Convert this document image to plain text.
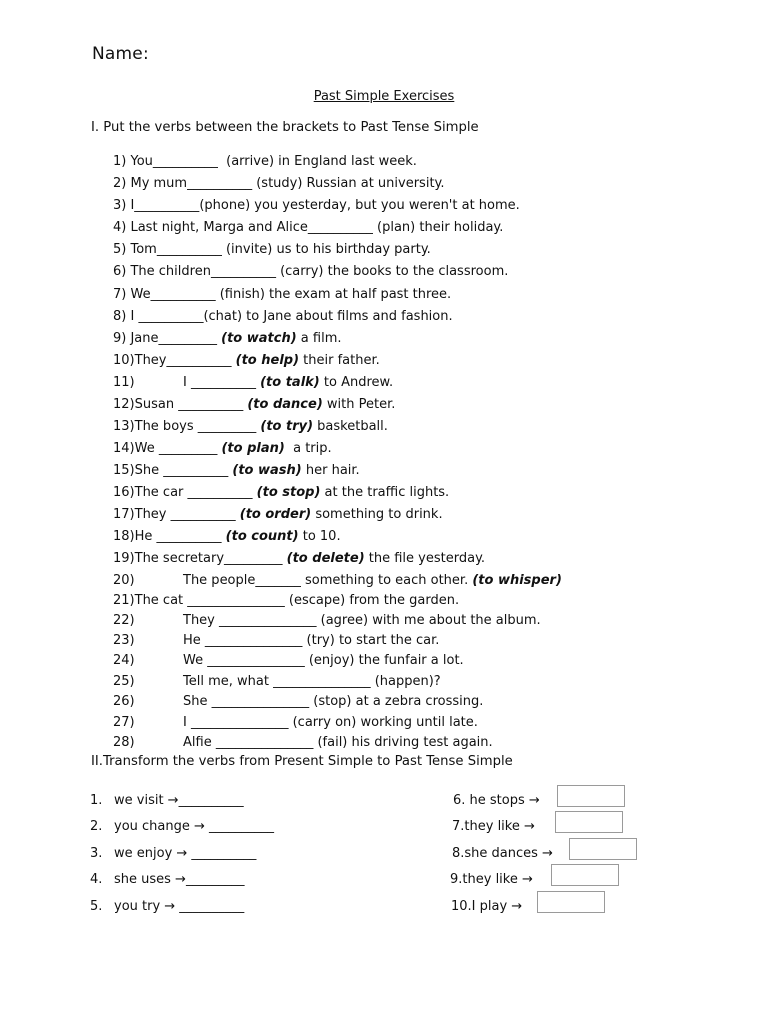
Name:
Past Simple Exercises
I. Put the verbs between the brackets to Past Tense Simple
1) You__________  (arrive) in England last week.
2) My mum__________ (study) Russian at university.
3) I__________(phone) you yesterday, but you weren't at home.
4) Last night, Marga and Alice__________ (plan) their holiday.
5) Tom__________ (invite) us to his birthday party.
6) The children__________ (carry) the books to the classroom.
7) We__________ (finish) the exam at half past three.
8) I __________(chat) to Jane about films and fashion.
9) Jane_________ (to watch) a film.
10)They__________ (to help) their father.
11)	I __________ (to talk) to Andrew.
12)Susan __________ (to dance) with Peter.
13)The boys _________ (to try) basketball.
14)We _________ (to plan)  a trip.
15)She __________ (to wash) her hair.
16)The car __________ (to stop) at the traffic lights.
17)They __________ (to order) something to drink.
18)He __________ (to count) to 10.
19)The secretary_________ (to delete) the file yesterday.
20)	The people_______ something to each other. (to whisper)
21)The cat _______________ (escape) from the garden.
22)	They _______________ (agree) with me about the album.
23)	He _______________ (try) to start the car.
24)	We _______________ (enjoy) the funfair a lot.
25)	Tell me, what _______________ (happen)?
26)	She _______________ (stop) at a zebra crossing.
27)	I _______________ (carry on) working until late.
28)	Alfie _______________ (fail) his driving test again.
II.Transform the verbs from Present Simple to Past Tense Simple
1. we visit →__________
2. you change → __________
3. we enjoy → __________
4. she uses →_________
5. you try → __________
6. he stops →
7.they like →
8.she dances →
9.they like →
10.I play →
